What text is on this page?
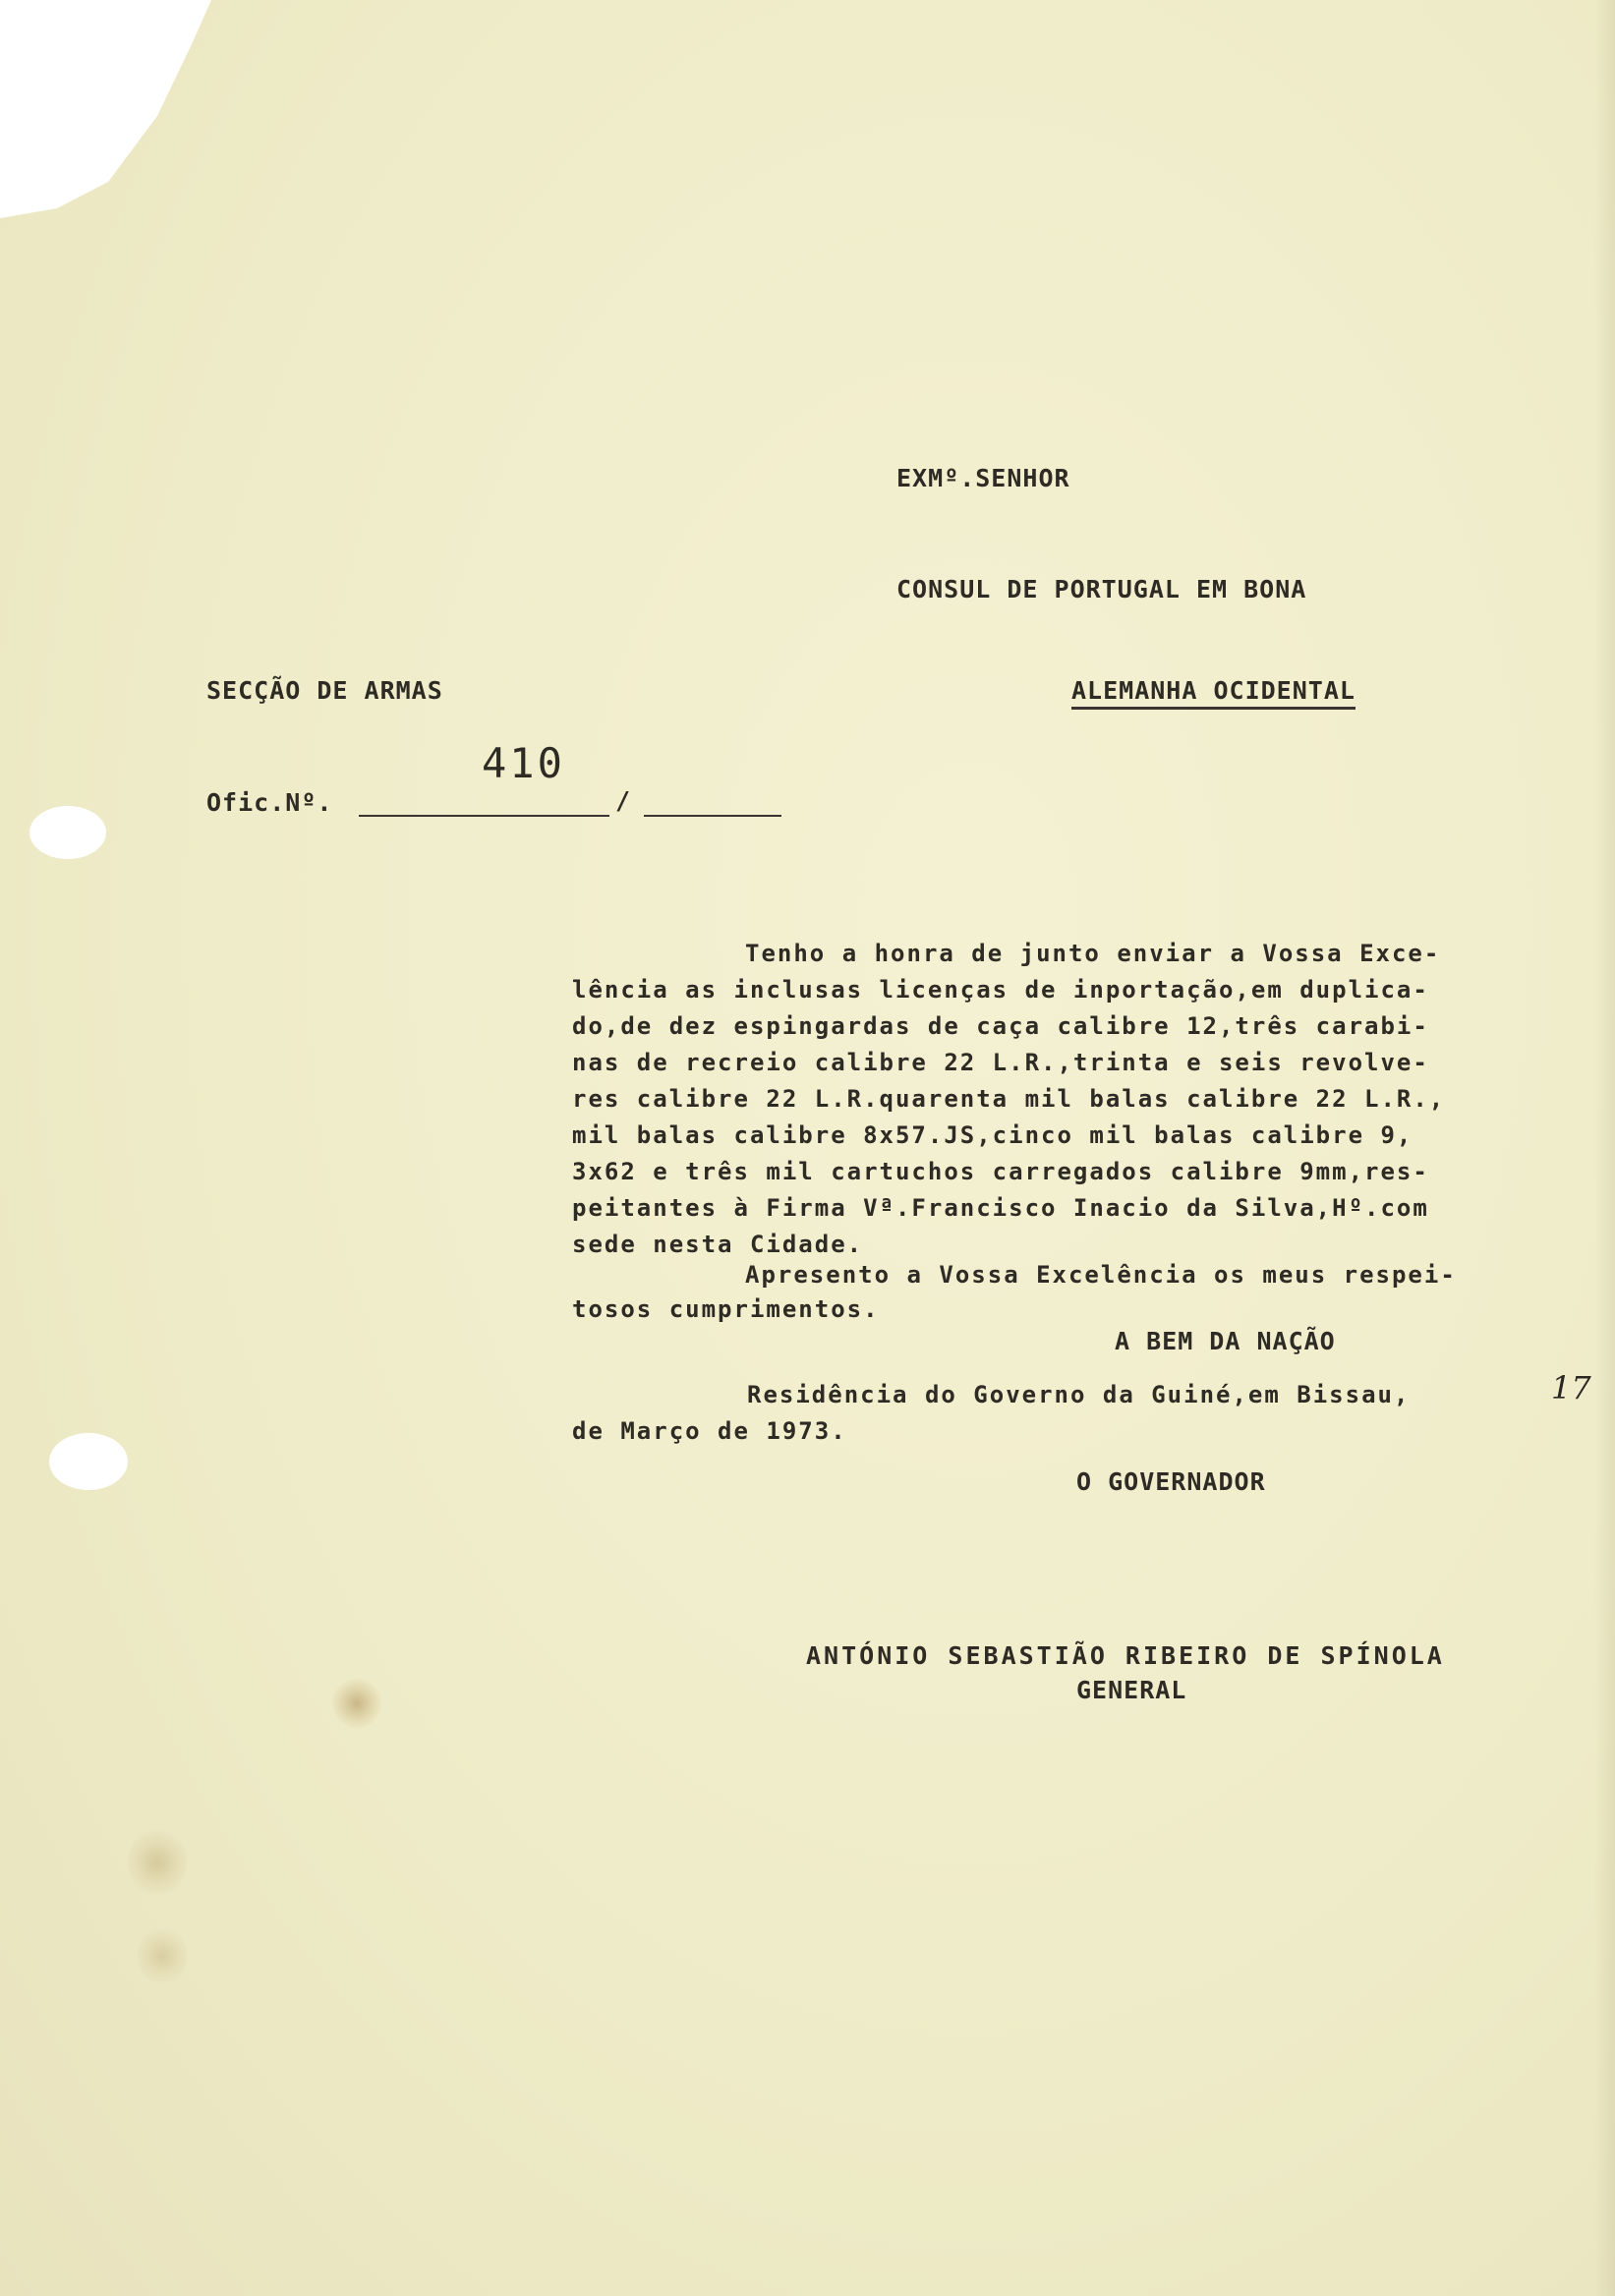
EXMº.SENHOR
CONSUL DE PORTUGAL EM BONA
SECÇÃO DE ARMAS	ALEMANHA OCIDENTAL
Ofic.Nº.
410
/
Tenho a honra de junto enviar a Vossa Exce-
lência as inclusas licenças de inportação,em duplica-
do,de dez espingardas de caça calibre 12,três carabi-
nas de recreio calibre 22 L.R.,trinta e seis revolve-
res calibre 22 L.R.quarenta mil balas calibre 22 L.R.,
mil balas calibre 8x57.JS,cinco mil balas calibre 9,
3x62 e três mil cartuchos carregados calibre 9mm,res-
peitantes à Firma Vª.Francisco Inacio da Silva,Hº.com
sede nesta Cidade.
Apresento a Vossa Excelência os meus respei-
tosos cumprimentos.
A BEM DA NAÇÃO
Residência do Governo da Guiné,em Bissau,	17
de Março de 1973.
O GOVERNADOR
ANTÓNIO SEBASTIÃO RIBEIRO DE SPÍNOLA
GENERAL
